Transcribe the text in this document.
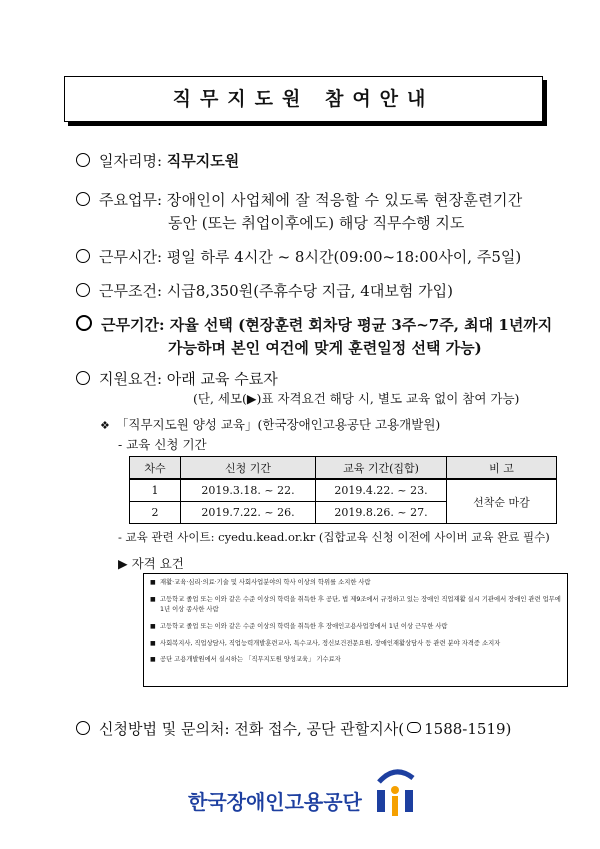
직무지도원 참여안내
일자리명: 직무지도원
주요업무: 장애인이 사업체에 잘 적응할 수 있도록 현장훈련기간
동안 (또는 취업이후에도) 해당 직무수행 지도
근무시간: 평일 하루 4시간 ~ 8시간(09:00~18:00사이, 주5일)
근무조건: 시급8,350원(주휴수당 지급, 4대보험 가입)
근무기간: 자율 선택 (현장훈련 회차당 평균 3주~7주, 최대 1년까지
가능하며 본인 여건에 맞게 훈련일정 선택 가능)
지원요건: 아래 교육 수료자
(단, 세모(▶)표 자격요건 해당 시, 별도 교육 없이 참여 가능)
❖ 「직무지도원 양성 교육」(한국장애인고용공단 고용개발원)
- 교육 신청 기간
차수	신청 기간	교육 기간(집합)	비 고
1	2019.3.18. ~ 22.	2019.4.22. ~ 23.	선착순 마감
2	2019.7.22. ~ 26.	2019.8.26. ~ 27.	
- 교육 관련 사이트: cyedu.kead.or.kr (집합교육 신청 이전에 사이버 교육 완료 필수)
▶ 자격 요건
■ 재활·교육·심리·의료·기술 및 사회사업분야의 학사 이상의 학위를 소지한 사람
■ 고등학교 졸업 또는 이와 같은 수준 이상의 학력을 취득한 후 공단, 법 제9조에서 규정하고 있는 장애인 직업재활 실시 기관에서 장애인 관련 업무에 1년 이상 종사한 사람
■ 고등학교 졸업 또는 이와 같은 수준 이상의 학력을 취득한 후 장애인고용사업장에서 1년 이상 근무한 사람
■ 사회복지사, 직업상담사, 직업능력개발훈련교사, 특수교사, 정신보건전문요원, 장애인재활상담사 등 관련 분야 자격증 소지자
■ 공단 고용개발원에서 실시하는 「직무지도원 양성교육」 기수료자
신청방법 및 문의처: 전화 접수, 공단 관할지사( 1588-1519)
한국장애인고용공단
